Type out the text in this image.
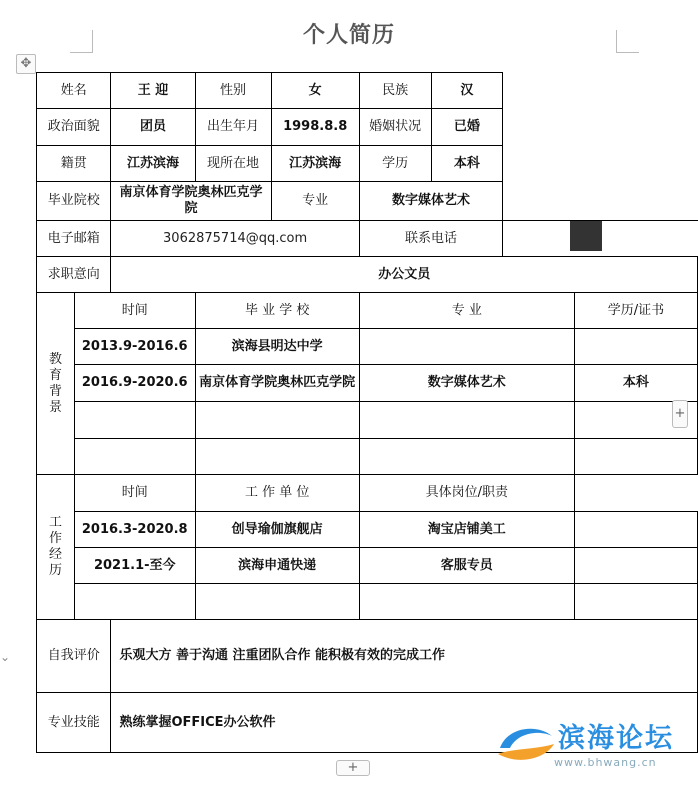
个人简历
✥
姓名		王 迎	性别	女	民族	汉		
政治面貌		团员	出生年月	1998.8.8	婚姻状况	已婚		
籍贯		江苏滨海	现所在地	江苏滨海	学历	本科		
毕业院校		南京体育学院奥林匹克学院		专业	数字媒体艺术			
电子邮箱		3062875714@qq.com			联系电话			
求职意向		办公文员						
教育背景	时间		毕 业 学 校		专 业			学历/证书
	2013.9-2016.6		滨海县明达中学					
	2016.9-2020.6		南京体育学院奥林匹克学院		数字媒体艺术			本科

工作经历	时间		工 作 单 位		具体岗位/职责			
	2016.3-2020.8		创导瑜伽旗舰店		淘宝店铺美工			
	2021.1-至今		滨海申通快递		客服专员			

自我评价		乐观大方 善于沟通 注重团队合作 能积极有效的完成工作						
专业技能		熟练掌握OFFICE办公软件						
+
+
⌄
滨海论坛
www.bhwang.cn
